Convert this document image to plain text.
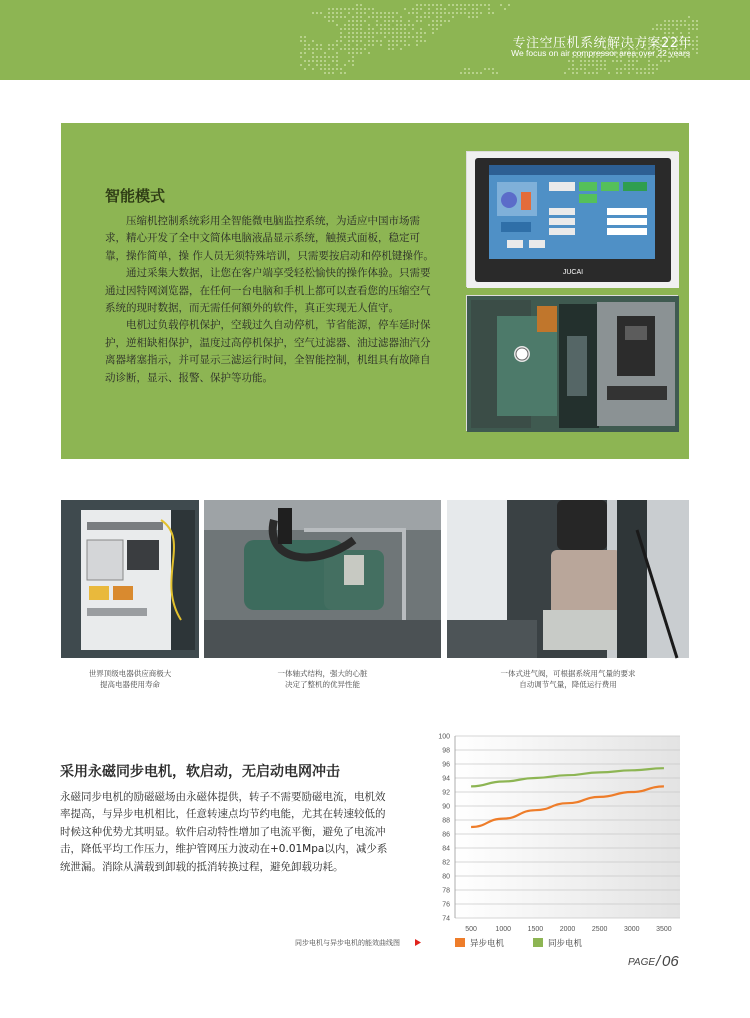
专注空压机系统解决方案22年
We focus on air compressor area over 22 years
智能模式

压缩机控制系统彩用全智能微电脑监控系统，为适应中国市场需求，精心开发了全中文简体电脑液晶显示系统，触摸式面板，稳定可靠，操作简单，操 作人员无须特殊培训，只需要按启动和停机键操作。

通过采集大数据，让您在客户端享受轻松愉快的操作体验。只需要通过因特网浏览器，在任何一台电脑和手机上都可以查看您的压缩空气系统的现时数据，而无需任何额外的软件，真正实现无人值守。

电机过负载停机保护，空载过久自动停机，节省能源，停车延时保护，逆相缺相保护，温度过高停机保护，空气过滤器、油过滤器油汽分离器堵塞指示，并可显示三滤运行时间，全智能控制，机组具有故障自动诊断，显示、报警、保护等功能。

JUCAI
世界顶级电器供应商极大
提高电器使用寿命
一体轴式结构，强大的心脏
决定了整机的优异性能
一体式进气阀，可根据系统用气量的要求
自动调节气量，降低运行费用
采用永磁同步电机，软启动，无启动电网冲击
永磁同步电机的励磁磁场由永磁体提供，转子不需要励磁电流，电机效率提高，与异步电机相比，任意转速点均节约电能，尤其在转速较低的时候这种优势尤其明显。软件启动特性增加了电流平衡，避免了电流冲击，降低平均工作压力，维护管网压力波动在+0.01Mpa以内，减少系统泄漏。消除从满载到卸载的抵消转换过程，避免卸载功耗。
74
76
78
80
82
84
86
88
90
92
94
96
98
100
500	1000 1500 2000 2500 3000 3500
同步电机与异步电机的能效曲线图	异步电机	同步电机
PAGE / 06
